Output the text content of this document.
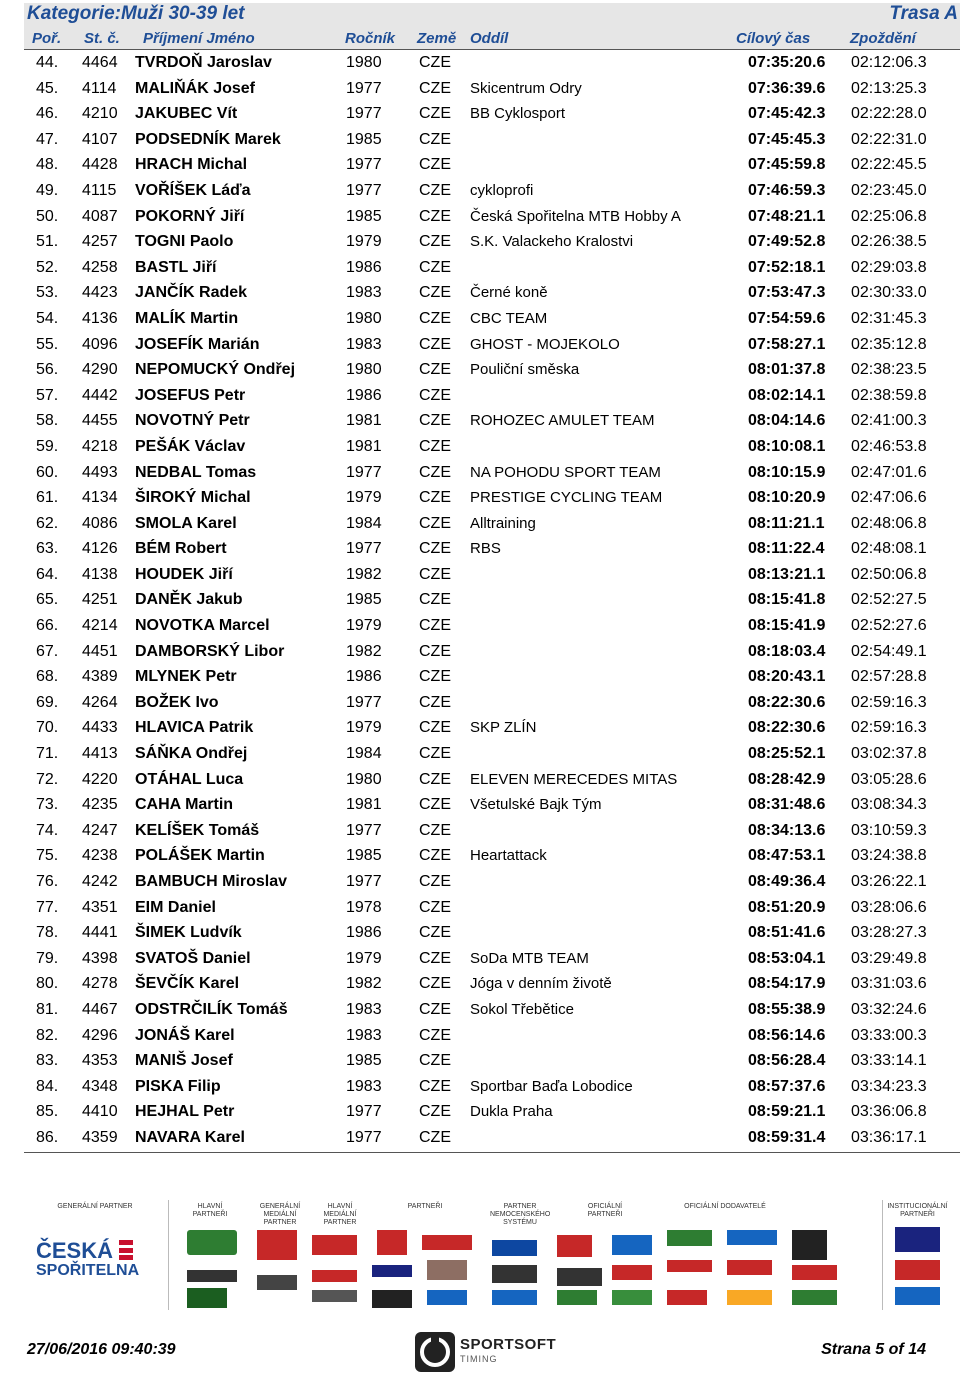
Kategorie:Muži 30-39 let	Trasa A
Poř. St. č. Příjmení Jméno	Ročník Země Oddíl	Cílový čas	Zpoždění
44. 4464 TVRDOŇ Jaroslav	1980 CZE	07:35:20.6 02:12:06.3
45. 4114 MALIŇÁK Josef	1977 CZE Skicentrum Odry	07:36:39.6 02:13:25.3
46. 4210 JAKUBEC Vít	1977 CZE BB Cyklosport	07:45:42.3 02:22:28.0
47. 4107 PODSEDNÍK Marek	1985 CZE	07:45:45.3 02:22:31.0
48. 4428 HRACH Michal	1977 CZE	07:45:59.8 02:22:45.5
49. 4115 VOŘÍŠEK Láďa	1977 CZE cykloprofi	07:46:59.3 02:23:45.0
50. 4087 POKORNÝ Jiří	1985 CZE Česká Spořitelna MTB Hobby A	07:48:21.1 02:25:06.8
51. 4257 TOGNI Paolo	1979 CZE S.K. Valackeho Kralostvi	07:49:52.8 02:26:38.5
52. 4258 BASTL Jiří	1986 CZE	07:52:18.1 02:29:03.8
53. 4423 JANČÍK Radek	1983 CZE Černé koně	07:53:47.3 02:30:33.0
54. 4136 MALÍK Martin	1980 CZE CBC TEAM	07:54:59.6 02:31:45.3
55. 4096 JOSEFÍK Marián	1983 CZE GHOST - MOJEKOLO	07:58:27.1 02:35:12.8
56. 4290 NEPOMUCKÝ Ondřej	1980 CZE Pouliční směska	08:01:37.8 02:38:23.5
57. 4442 JOSEFUS Petr	1986 CZE	08:02:14.1 02:38:59.8
58. 4455 NOVOTNÝ Petr	1981 CZE ROHOZEC AMULET TEAM	08:04:14.6 02:41:00.3
59. 4218 PEŠÁK Václav	1981 CZE	08:10:08.1 02:46:53.8
60. 4493 NEDBAL Tomas	1977 CZE NA POHODU SPORT TEAM	08:10:15.9 02:47:01.6
61. 4134 ŠIROKÝ Michal	1979 CZE PRESTIGE CYCLING TEAM	08:10:20.9 02:47:06.6
62. 4086 SMOLA Karel	1984 CZE Alltraining	08:11:21.1 02:48:06.8
63. 4126 BÉM Robert	1977 CZE RBS	08:11:22.4 02:48:08.1
64. 4138 HOUDEK Jiří	1982 CZE	08:13:21.1 02:50:06.8
65. 4251 DANĚK Jakub	1985 CZE	08:15:41.8 02:52:27.5
66. 4214 NOVOTKA Marcel	1979 CZE	08:15:41.9 02:52:27.6
67. 4451 DAMBORSKÝ Libor	1982 CZE	08:18:03.4 02:54:49.1
68. 4389 MLYNEK Petr	1986 CZE	08:20:43.1 02:57:28.8
69. 4264 BOŽEK Ivo	1977 CZE	08:22:30.6 02:59:16.3
70. 4433 HLAVICA Patrik	1979 CZE SKP ZLÍN	08:22:30.6 02:59:16.3
71. 4413 SÁŇKA Ondřej	1984 CZE	08:25:52.1 03:02:37.8
72. 4220 OTÁHAL Luca	1980 CZE ELEVEN MERECEDES MITAS	08:28:42.9 03:05:28.6
73. 4235 CAHA Martin	1981 CZE Všetulské Bajk Tým	08:31:48.6 03:08:34.3
74. 4247 KELÍŠEK Tomáš	1977 CZE	08:34:13.6 03:10:59.3
75. 4238 POLÁŠEK Martin	1985 CZE Heartattack	08:47:53.1 03:24:38.8
76. 4242 BAMBUCH Miroslav	1977 CZE	08:49:36.4 03:26:22.1
77. 4351 EIM Daniel	1978 CZE	08:51:20.9 03:28:06.6
78. 4441 ŠIMEK Ludvík	1986 CZE	08:51:41.6 03:28:27.3
79. 4398 SVATOŠ Daniel	1979 CZE SoDa MTB TEAM	08:53:04.1 03:29:49.8
80. 4278 ŠEVČÍK Karel	1982 CZE Jóga v denním životě	08:54:17.9 03:31:03.6
81. 4467 ODSTRČILÍK Tomáš	1983 CZE Sokol Třebětice	08:55:38.9 03:32:24.6
82. 4296 JONÁŠ Karel	1983 CZE	08:56:14.6 03:33:00.3
83. 4353 MANIŠ Josef	1985 CZE	08:56:28.4 03:33:14.1
84. 4348 PISKA Filip	1983 CZE Sportbar Baďa Lobodice	08:57:37.6 03:34:23.3
85. 4410 HEJHAL Petr	1977 CZE Dukla Praha	08:59:21.1 03:36:06.8
86. 4359 NAVARA Karel	1977 CZE	08:59:31.4 03:36:17.1
GENERÁLNÍ PARTNER	HLAVNÍ PARTNEŘI
GENERÁLNÍ MEDIÁLNÍ PARTNER
HLAVNÍ MEDIÁLNÍ PARTNER
PARTNEŘI	PARTNER NEMOCENSKÉHO SYSTÉMU
OFICIÁLNÍ PARTNEŘI
OFICIÁLNÍ DODAVATELÉ	INSTITUCIONÁLNÍ PARTNEŘI
ČESKÁ
SPOŘITELNA
27/06/2016 09:40:39	SPORTSOFT
TIMING
Strana 5 of 14
